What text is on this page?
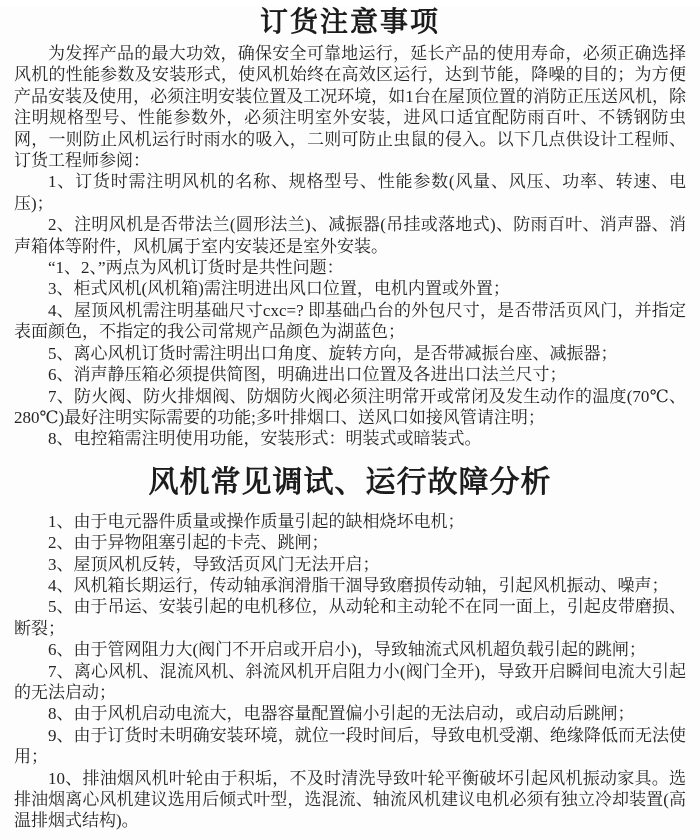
订货注意事项

为发挥产品的最大功效，确保安全可靠地运行，延长产品的使用寿命，必须正确选择风机的性能参数及安装形式，使风机始终在高效区运行，达到节能，降噪的目的；为方便产品安装及使用，必须注明安装位置及工况环境，如1台在屋顶位置的消防正压送风机，除注明规格型号、性能参数外，必须注明室外安装，进风口适宜配防雨百叶、不锈钢防虫网，一则防止风机运行时雨水的吸入，二则可防止虫鼠的侵入。以下几点供设计工程师、订货工程师参阅：

1、订货时需注明风机的名称、规格型号、性能参数(风量、风压、功率、转速、电压)；

2、注明风机是否带法兰(圆形法兰)、减振器(吊挂或落地式)、防雨百叶、消声器、消声箱体等附件，风机属于室内安装还是室外安装。

“1、2、”两点为风机订货时是共性问题：

3、柜式风机(风机箱)需注明进出风口位置，电机内置或外置；

4、屋顶风机需注明基础尺寸cxc=? 即基础凸台的外包尺寸，是否带活页风门，并指定表面颜色，不指定的我公司常规产品颜色为湖蓝色；

5、离心风机订货时需注明出口角度、旋转方向，是否带减振台座、减振器；

6、消声静压箱必须提供简图，明确进出口位置及各进出口法兰尺寸；

7、防火阀、防火排烟阀、防烟防火阀必须注明常开或常闭及发生动作的温度(70℃、280℃)最好注明实际需要的功能;多叶排烟口、送风口如接风管请注明；

8、电控箱需注明使用功能，安装形式：明装式或暗装式。

风机常见调试、运行故障分析

1、由于电元器件质量或操作质量引起的缺相烧坏电机；

2、由于异物阻塞引起的卡壳、跳闸；

3、屋顶风机反转，导致活页风门无法开启；

4、风机箱长期运行，传动轴承润滑脂干涸导致磨损传动轴，引起风机振动、噪声；

5、由于吊运、安装引起的电机移位，从动轮和主动轮不在同一面上，引起皮带磨损、断裂；

6、由于管网阻力大(阀门不开启或开启小)，导致轴流式风机超负载引起的跳闸；

7、离心风机、混流风机、斜流风机开启阻力小(阀门全开)，导致开启瞬间电流大引起的无法启动；

8、由于风机启动电流大，电器容量配置偏小引起的无法启动，或启动后跳闸；

9、由于订货时未明确安装环境，就位一段时间后，导致电机受潮、绝缘降低而无法使用；

10、排油烟风机叶轮由于积垢，不及时清洗导致叶轮平衡破坏引起风机振动家具。选排油烟离心风机建议选用后倾式叶型，选混流、轴流风机建议电机必须有独立冷却装置(高温排烟式结构)。
